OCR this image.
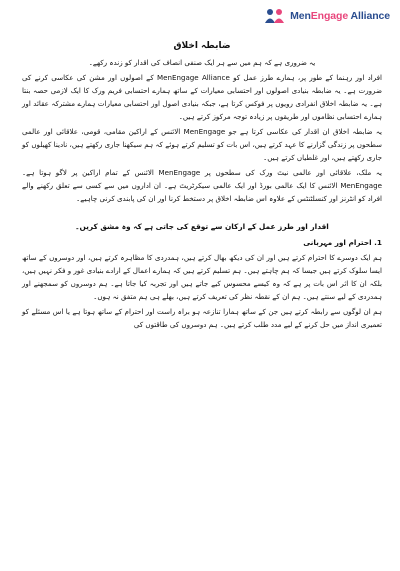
MenEngage Alliance
ضابطہ اخلاق

یہ ضروری ہے کہ ہم میں سے ہر ایک صنفی انصاف کی اقدار کو زندہ رکھے۔

افراد اور رہنما کے طور پر، ہمارے طرز عمل کو MenEngage Alliance کے اصولوں اور مشن کی عکاسی کرنے کی ضرورت ہے۔ یہ ضابطہ بنیادی اصولوں اور احتسابی معیارات کے ساتھ ہمارے احتسابی فریم ورک کا ایک لازمی حصہ بنتا ہے۔ یہ ضابطہ اخلاق انفرادی رویوں پر فوکس کرتا ہے، جبکہ بنیادی اصول اور احتسابی معیارات ہمارے مشترکہ عقائد اور ہمارے احتسابی نظاموں اور طریقوں پر زیادہ توجہ مرکوز کرتے ہیں۔

یہ ضابطہ اخلاق ان اقدار کی عکاسی کرتا ہے جو MenEngage الائنس کے اراکین مقامی، قومی، علاقائی اور عالمی سطحوں پر زندگی گزارنے کا عہد کرتے ہیں، اس بات کو تسلیم کرتے ہوئے کہ ہم سیکھنا جاری رکھتے ہیں، نادینا کھیلوں کو جاری رکھتے ہیں، اور غلطیاں کرتے ہیں۔

یہ ملک، علاقائی اور عالمی نیٹ ورک کی سطحوں پر MenEngage الائنس کے تمام اراکین پر لاگو ہوتا ہے۔ MenEngage الائنس کا ایک عالمی بورڈ اور ایک عالمی سیکرٹریٹ ہے۔ ان اداروں میں سے کسی سے تعلق رکھنے والے افراد کو انٹرنز اور کنسلٹنٹس کے علاوہ اس ضابطہ اخلاق پر دستخط کرنا اور ان کی پابندی کرنی چاہیے۔

اقدار اور طرز عمل کے ارکان سے توقع کی جاتی ہے کہ وہ مشق کریں۔
1. احترام اور مہربانی

ہم ایک دوسرے کا احترام کرتے ہیں اور ان کی دیکھ بھال کرتے ہیں، ہمدردی کا مظاہرہ کرتے ہیں، اور دوسروں کے ساتھ ایسا سلوک کرتے ہیں جیسا کہ ہم چاہتے ہیں۔ ہم تسلیم کرتے ہیں کہ ہمارے اعمال کے ارادے بنیادی غور و فکر نہیں ہیں، بلکہ ان کا اثر اس بات پر ہے کہ وہ کیسے محسوس کیے جاتے ہیں اور تجربہ کیا جاتا ہے۔ ہم دوسروں کو سمجھنے اور ہمدردی کے لیے سنتے ہیں۔ ہم ان کے نقطہ نظر کی تعریف کرتے ہیں، بھلے ہی ہم متفق نہ ہوں۔

ہم ان لوگوں سے رابطہ کرتے ہیں جن کے ساتھ ہمارا تنازعہ ہو براہ راست اور احترام کے ساتھ ہوتا ہے یا اس مسئلے کو تعمیری انداز میں حل کرنے کے لیے مدد طلب کرتے ہیں۔ ہم دوسروں کی طاقتوں کی
